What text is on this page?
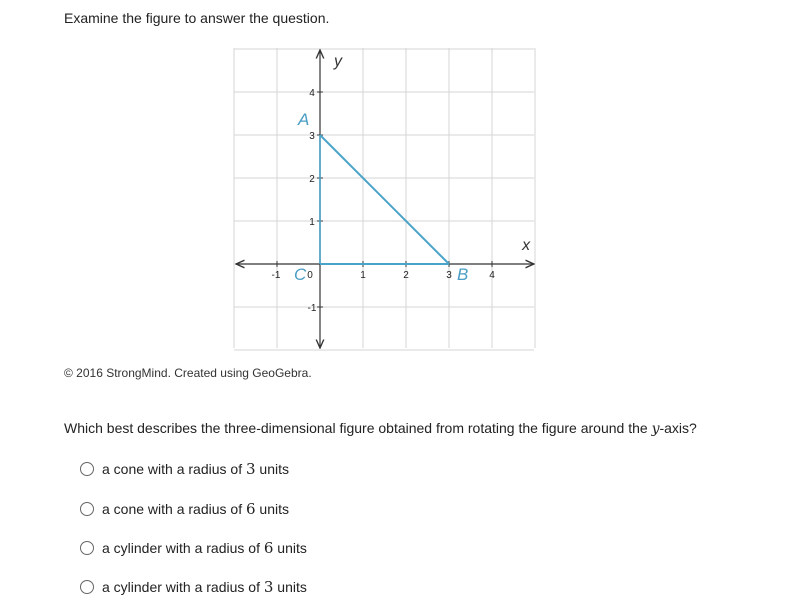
Examine the figure to answer the question.
-1	0	1	2	3	4
-1
1
2
3
4
y
x
A
B
C
© 2016 StrongMind. Created using GeoGebra.
Which best describes the three-dimensional figure obtained from rotating the figure around the y-axis?
a cone with a radius of
3
units
a cone with a radius of
6
units
a cylinder with a radius of
6
units
a cylinder with a radius of
3
units
